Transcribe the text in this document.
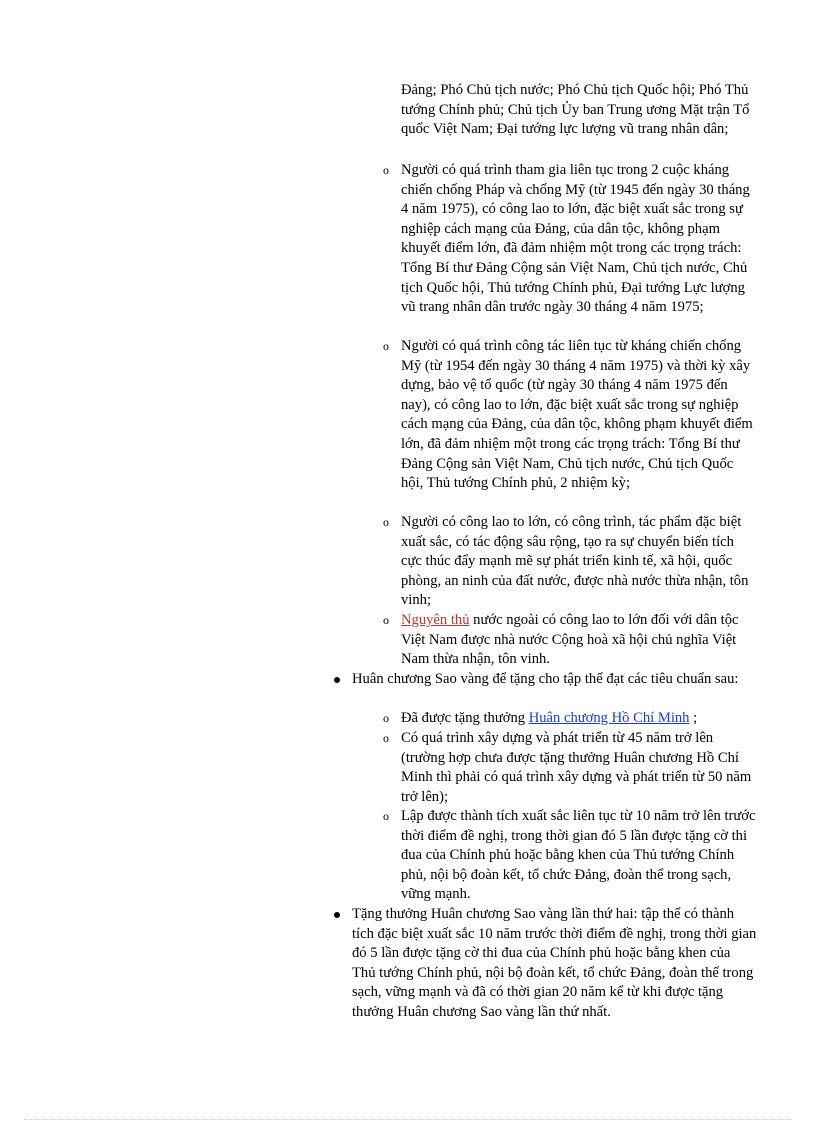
Đảng; Phó Chủ tịch nước; Phó Chủ tịch Quốc hội; Phó Thủ tướng Chính phủ; Chủ tịch Ủy ban Trung ương Mặt trận Tổ quốc Việt Nam; Đại tướng lực lượng vũ trang nhân dân;
o Người có quá trình tham gia liên tục trong 2 cuộc kháng chiến chống Pháp và chống Mỹ (từ 1945 đến ngày 30 tháng 4 năm 1975), có công lao to lớn, đặc biệt xuất sắc trong sự nghiệp cách mạng của Đảng, của dân tộc, không phạm khuyết điểm lớn, đã đảm nhiệm một trong các trọng trách: Tổng Bí thư Đảng Cộng sản Việt Nam, Chủ tịch nước, Chủ tịch Quốc hội, Thủ tướng Chính phủ, Đại tướng Lực lượng vũ trang nhân dân trước ngày 30 tháng 4 năm 1975;
o Người có quá trình công tác liên tục từ kháng chiến chống Mỹ (từ 1954 đến ngày 30 tháng 4 năm 1975) và thời kỳ xây dựng, bảo vệ tổ quốc (từ ngày 30 tháng 4 năm 1975 đến nay), có công lao to lớn, đặc biệt xuất sắc trong sự nghiệp cách mạng của Đảng, của dân tộc, không phạm khuyết điểm lớn, đã đảm nhiệm một trong các trọng trách: Tổng Bí thư Đảng Cộng sản Việt Nam, Chủ tịch nước, Chủ tịch Quốc hội, Thủ tướng Chính phủ, 2 nhiệm kỳ;
o Người có công lao to lớn, có công trình, tác phẩm đặc biệt xuất sắc, có tác động sâu rộng, tạo ra sự chuyển biến tích cực thúc đẩy mạnh mẽ sự phát triển kinh tế, xã hội, quốc phòng, an ninh của đất nước, được nhà nước thừa nhận, tôn vinh;
o Nguyên thủ nước ngoài có công lao to lớn đối với dân tộc Việt Nam được nhà nước Cộng hoà xã hội chủ nghĩa Việt Nam thừa nhận, tôn vinh.
Huân chương Sao vàng để tặng cho tập thể đạt các tiêu chuẩn sau:
o Đã được tặng thưởng Huân chương Hồ Chí Minh ;
o Có quá trình xây dựng và phát triển từ 45 năm trở lên (trường hợp chưa được tặng thưởng Huân chương Hồ Chí Minh thì phải có quá trình xây dựng và phát triển từ 50 năm trở lên);
o Lập được thành tích xuất sắc liên tục từ 10 năm trở lên trước thời điểm đề nghị, trong thời gian đó 5 lần được tặng cờ thi đua của Chính phủ hoặc bằng khen của Thủ tướng Chính phủ, nội bộ đoàn kết, tổ chức Đảng, đoàn thể trong sạch, vững mạnh.
Tặng thưởng Huân chương Sao vàng lần thứ hai: tập thể có thành tích đặc biệt xuất sắc 10 năm trước thời điểm đề nghị, trong thời gian đó 5 lần được tặng cờ thi đua của Chính phủ hoặc bằng khen của Thủ tướng Chính phủ, nội bộ đoàn kết, tổ chức Đảng, đoàn thể trong sạch, vững mạnh và đã có thời gian 20 năm kể từ khi được tặng thưởng Huân chương Sao vàng lần thứ nhất.
